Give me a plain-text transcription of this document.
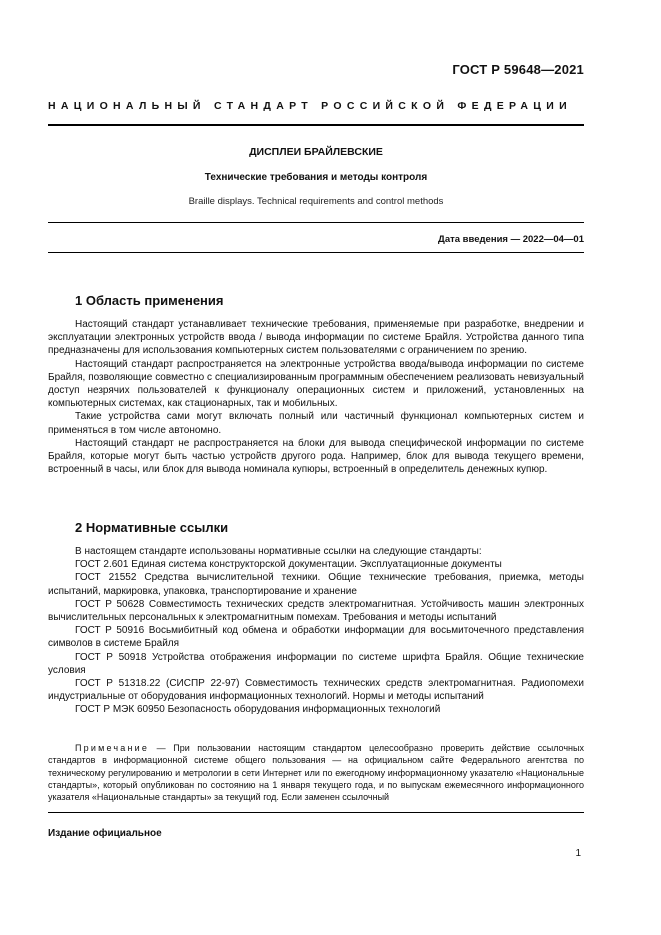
ГОСТ Р 59648—2021
НАЦИОНАЛЬНЫЙ СТАНДАРТ РОССИЙСКОЙ ФЕДЕРАЦИИ
ДИСПЛЕИ БРАЙЛЕВСКИЕ
Технические требования и методы контроля
Braille displays. Technical requirements and control methods
Дата введения — 2022—04—01
1 Область применения

Настоящий стандарт устанавливает технические требования, применяемые при разработке, внедрении и эксплуатации электронных устройств ввода / вывода информации по системе Брайля. Устройства данного типа предназначены для использования компьютерных систем пользователями с ограничением по зрению.

Настоящий стандарт распространяется на электронные устройства ввода/вывода информации по системе Брайля, позволяющие совместно с специализированным программным обеспечением реализовать невизуальный доступ незрячих пользователей к функционалу операционных систем и приложений, установленных на компьютерных системах, как стационарных, так и мобильных.

Такие устройства сами могут включать полный или частичный функционал компьютерных систем и применяться в том числе автономно.

Настоящий стандарт не распространяется на блоки для вывода специфической информации по системе Брайля, которые могут быть частью устройств другого рода. Например, блок для вывода текущего времени, встроенный в часы, или блок для вывода номинала купюры, встроенный в определитель денежных купюр.

2 Нормативные ссылки

В настоящем стандарте использованы нормативные ссылки на следующие стандарты:

ГОСТ 2.601 Единая система конструкторской документации. Эксплуатационные документы

ГОСТ 21552 Средства вычислительной техники. Общие технические требования, приемка, методы испытаний, маркировка, упаковка, транспортирование и хранение

ГОСТ Р 50628 Совместимость технических средств электромагнитная. Устойчивость машин электронных вычислительных персональных к электромагнитным помехам. Требования и методы испытаний

ГОСТ Р 50916 Восьмибитный код обмена и обработки информации для восьмиточечного представления символов в системе Брайля

ГОСТ Р 50918 Устройства отображения информации по системе шрифта Брайля. Общие технические условия

ГОСТ Р 51318.22 (СИСПР 22-97) Совместимость технических средств электромагнитная. Радиопомехи индустриальные от оборудования информационных технологий. Нормы и методы испытаний

ГОСТ Р МЭК 60950 Безопасность оборудования информационных технологий

Примечание — При пользовании настоящим стандартом целесообразно проверить действие ссылочных стандартов в информационной системе общего пользования — на официальном сайте Федерального агентства по техническому регулированию и метрологии в сети Интернет или по ежегодному информационному указателю «Национальные стандарты», который опубликован по состоянию на 1 января текущего года, и по выпускам ежемесячного информационного указателя «Национальные стандарты» за текущий год. Если заменен ссылочный

Издание официальное
1
